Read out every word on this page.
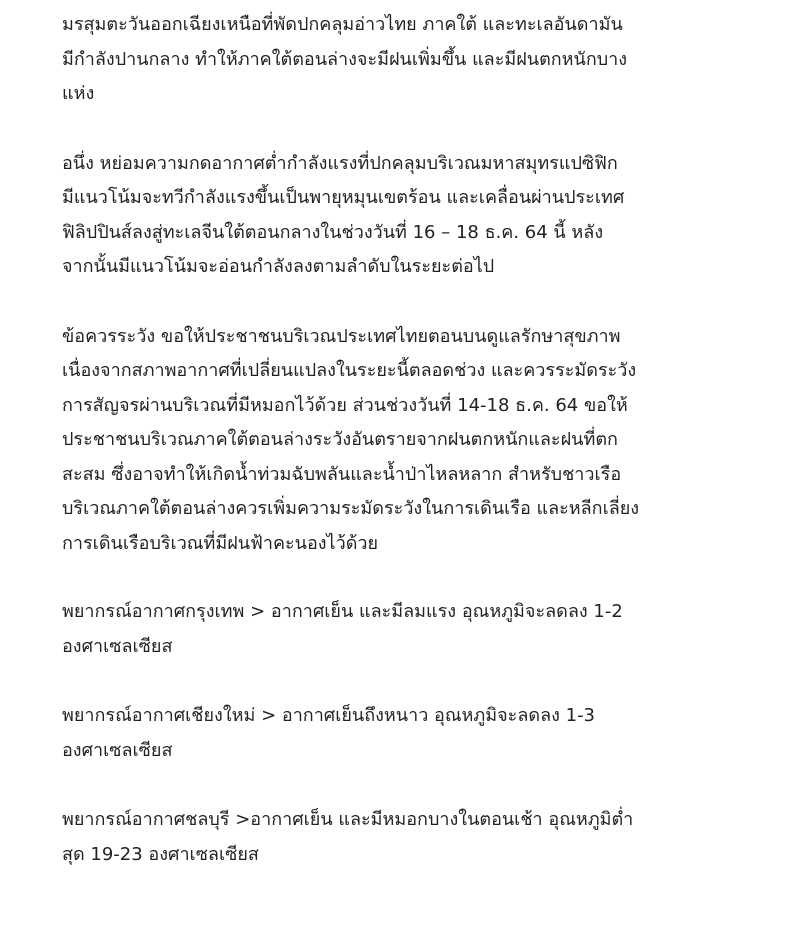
มรสุมตะวันออกเฉียงเหนือที่พัดปกคลุมอ่าวไทย ภาคใต้ และทะเลอันดามัน
มีกำลังปานกลาง ทำให้ภาคใต้ตอนล่างจะมีฝนเพิ่มขึ้น และมีฝนตกหนักบาง
แห่ง

อนึ่ง หย่อมความกดอากาศต่ำกำลังแรงที่ปกคลุมบริเวณมหาสมุทรแปซิฟิก
มีแนวโน้มจะทวีกำลังแรงขึ้นเป็นพายุหมุนเขตร้อน และเคลื่อนผ่านประเทศ
ฟิลิปปินส์ลงสู่ทะเลจีนใต้ตอนกลางในช่วงวันที่ 16 – 18 ธ.ค. 64 นี้ หลัง
จากนั้นมีแนวโน้มจะอ่อนกำลังลงตามลำดับในระยะต่อไป

ข้อควรระวัง ขอให้ประชาชนบริเวณประเทศไทยตอนบนดูแลรักษาสุขภาพ
เนื่องจากสภาพอากาศที่เปลี่ยนแปลงในระยะนี้ตลอดช่วง และควรระมัดระวัง
การสัญจรผ่านบริเวณที่มีหมอกไว้ด้วย ส่วนช่วงวันที่ 14-18 ธ.ค. 64 ขอให้
ประชาชนบริเวณภาคใต้ตอนล่างระวังอันตรายจากฝนตกหนักและฝนที่ตก
สะสม ซึ่งอาจทำให้เกิดน้ำท่วมฉับพลันและน้ำป่าไหลหลาก สำหรับชาวเรือ
บริเวณภาคใต้ตอนล่างควรเพิ่มความระมัดระวังในการเดินเรือ และหลีกเลี่ยง
การเดินเรือบริเวณที่มีฝนฟ้าคะนองไว้ด้วย

พยากรณ์อากาศกรุงเทพ > อากาศเย็น และมีลมแรง อุณหภูมิจะลดลง 1-2
องศาเซลเซียส

พยากรณ์อากาศเชียงใหม่ > อากาศเย็นถึงหนาว อุณหภูมิจะลดลง 1-3
องศาเซลเซียส

พยากรณ์อากาศชลบุรี >อากาศเย็น และมีหมอกบางในตอนเช้า อุณหภูมิต่ำ
สุด 19-23 องศาเซลเซียส
